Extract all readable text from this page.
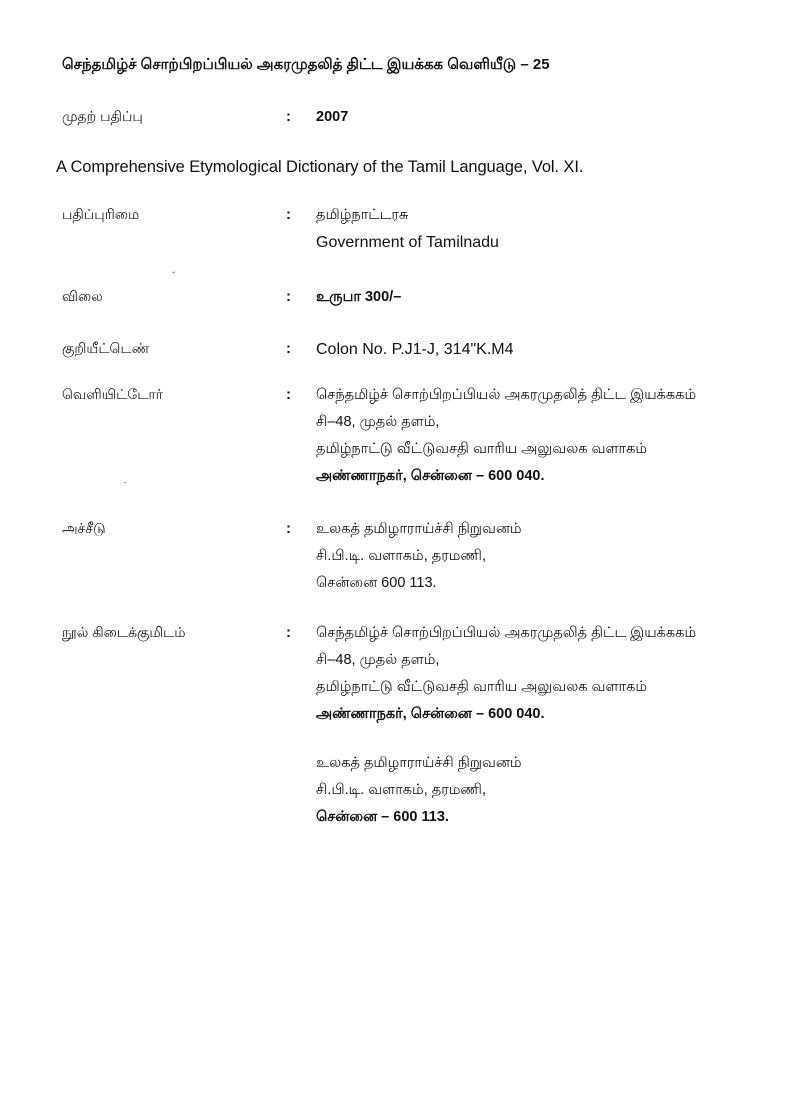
செந்தமிழ்ச் சொற்பிறப்பியல் அகரமுதலித் திட்ட இயக்கக வெளியீடு – 25
முதற் பதிப்பு	: 2007
A Comprehensive Etymological Dictionary of the Tamil Language, Vol. XI.
பதிப்புரிமை	: தமிழ்நாட்டரசு
Government of Tamilnadu
விலை	: உருபா 300/–
குறியீட்டெண்	: Colon No. P.J1-J, 314"K.M4
வெளியிட்டோர்	: செந்தமிழ்ச் சொற்பிறப்பியல் அகரமுதலித் திட்ட இயக்ககம்
சி–48, முதல் தளம்,
தமிழ்நாட்டு வீட்டுவசதி வாரிய அலுவலக வளாகம்
அண்ணாநகர், சென்னை – 600 040.
அச்சீடு	: உலகத் தமிழாராய்ச்சி நிறுவனம்
சி.பி.டி. வளாகம், தரமணி,
சென்னை 600 113.
நூல் கிடைக்குமிடம்	: செந்தமிழ்ச் சொற்பிறப்பியல் அகரமுதலித் திட்ட இயக்ககம்
சி–48, முதல் தளம்,
தமிழ்நாட்டு வீட்டுவசதி வாரிய அலுவலக வளாகம்
அண்ணாநகர், சென்னை – 600 040.
உலகத் தமிழாராய்ச்சி நிறுவனம்
சி.பி.டி. வளாகம், தரமணி,
சென்னை – 600 113.
